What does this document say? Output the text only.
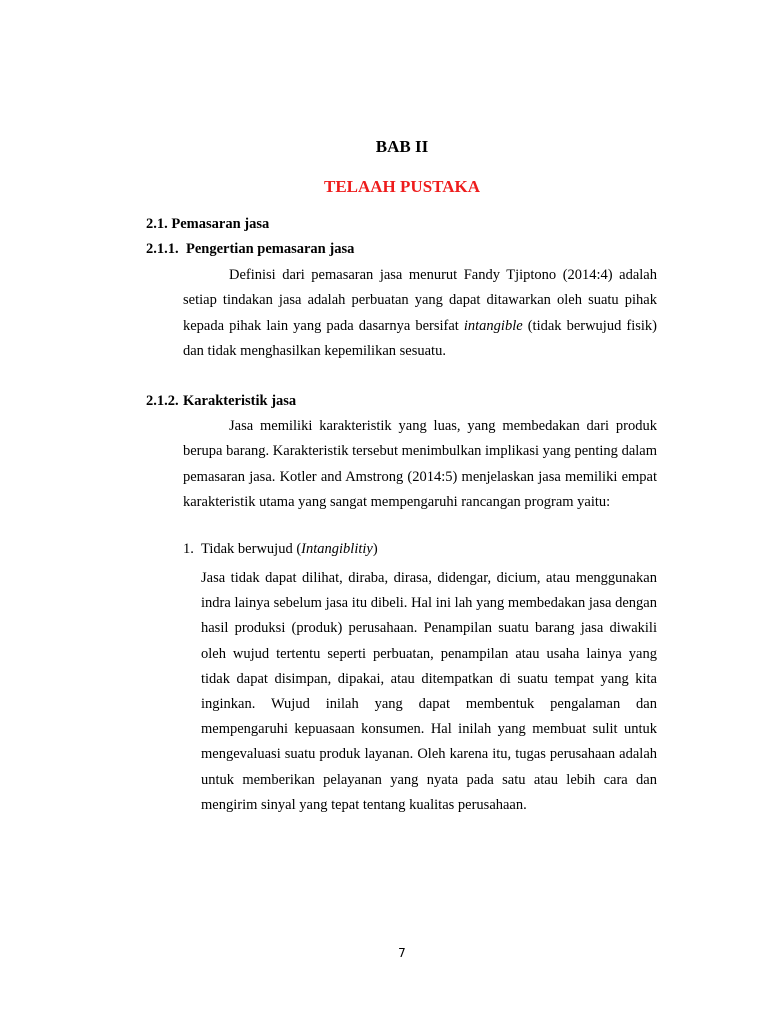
BAB II
TELAAH PUSTAKA
2.1. Pemasaran jasa
2.1.1. Pengertian pemasaran jasa

Definisi dari pemasaran jasa menurut Fandy Tjiptono (2014:4) adalah setiap tindakan jasa adalah perbuatan yang dapat ditawarkan oleh suatu pihak kepada pihak lain yang pada dasarnya bersifat intangible (tidak berwujud fisik) dan tidak menghasilkan kepemilikan sesuatu.

2.1.2. Karakteristik jasa

Jasa memiliki karakteristik yang luas, yang membedakan dari produk berupa barang. Karakteristik tersebut menimbulkan implikasi yang penting dalam pemasaran jasa. Kotler and Amstrong (2014:5) menjelaskan jasa memiliki empat karakteristik utama yang sangat mempengaruhi rancangan program yaitu:

1. Tidak berwujud (Intangiblitiy)

Jasa tidak dapat dilihat, diraba, dirasa, didengar, dicium, atau menggunakan indra lainya sebelum jasa itu dibeli. Hal ini lah yang membedakan jasa dengan hasil produksi (produk) perusahaan. Penampilan suatu barang jasa diwakili oleh wujud tertentu seperti perbuatan, penampilan atau usaha lainya yang tidak dapat disimpan, dipakai, atau ditempatkan di suatu tempat yang kita inginkan. Wujud inilah yang dapat membentuk pengalaman dan mempengaruhi kepuasaan konsumen. Hal inilah yang membuat sulit untuk mengevaluasi suatu produk layanan. Oleh karena itu, tugas perusahaan adalah untuk memberikan pelayanan yang nyata pada satu atau lebih cara dan mengirim sinyal yang tepat tentang kualitas perusahaan.

7
